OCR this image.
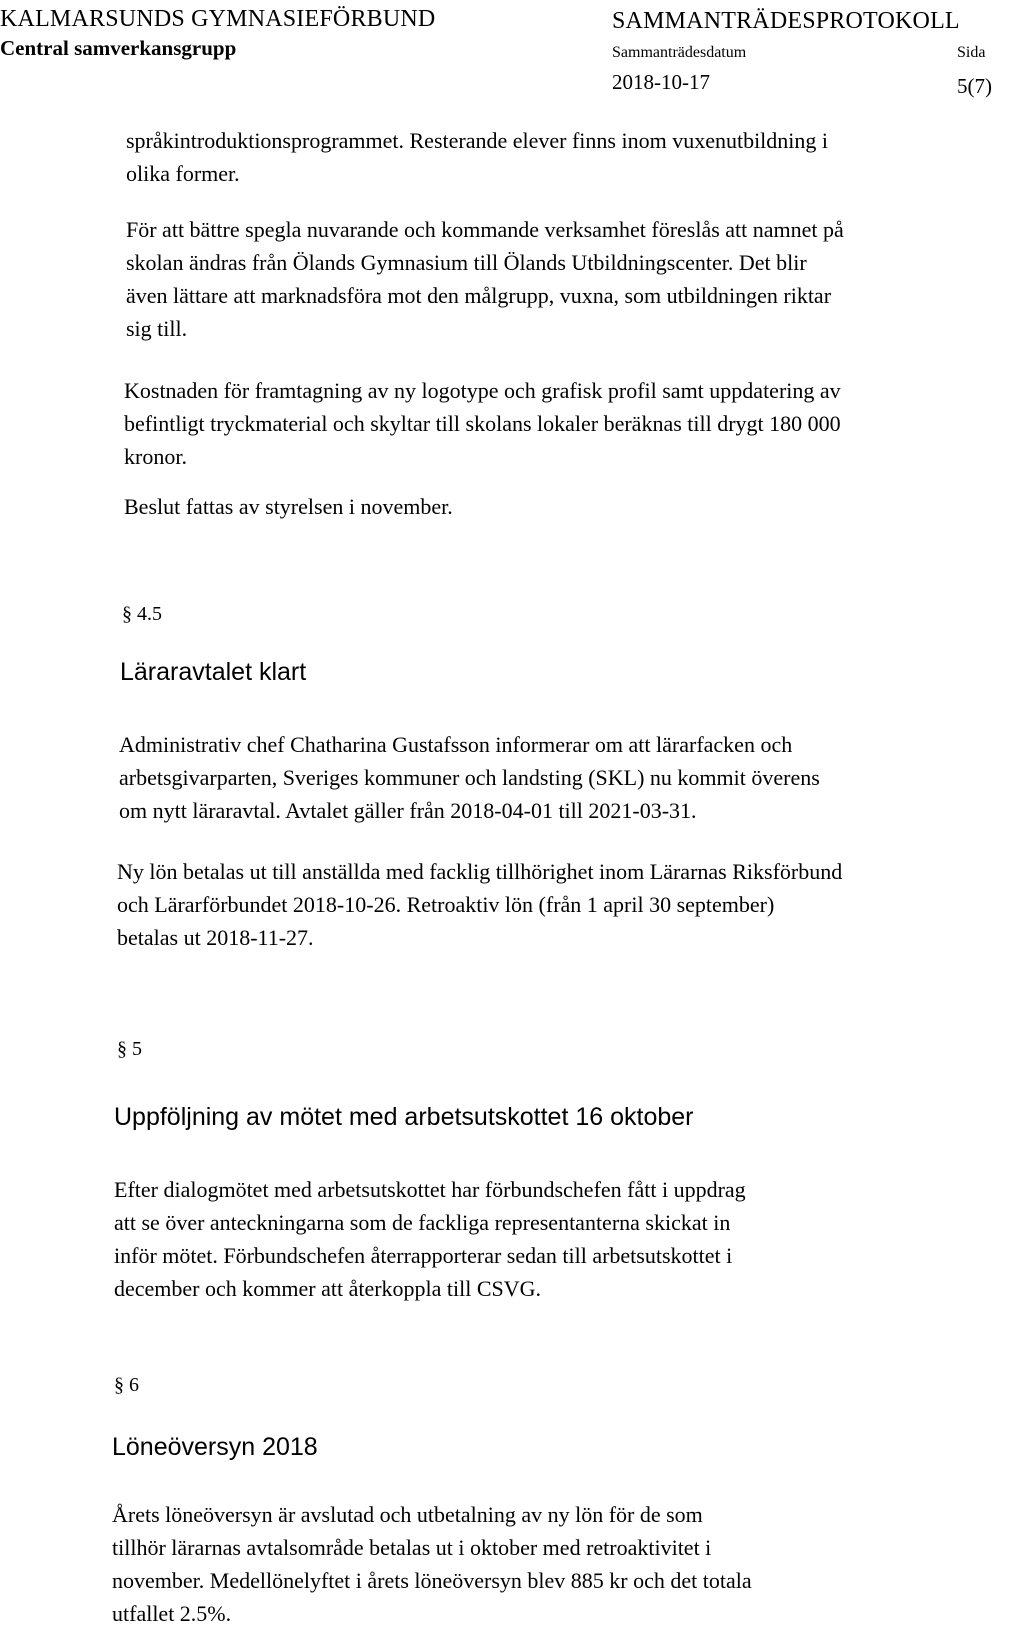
KALMARSUNDS GYMNASIEFÖRBUND
Central samverkansgrupp
SAMMANTRÄDESPROTOKOLL
Sammanträdesdatum	Sida
2018-10-17	5(7)
språkintroduktionsprogrammet. Resterande elever finns inom vuxenutbildning i
olika former.
För att bättre spegla nuvarande och kommande verksamhet föreslås att namnet på
skolan ändras från Ölands Gymnasium till Ölands Utbildningscenter. Det blir
även lättare att marknadsföra mot den målgrupp, vuxna, som utbildningen riktar
sig till.
Kostnaden för framtagning av ny logotype och grafisk profil samt uppdatering av
befintligt tryckmaterial och skyltar till skolans lokaler beräknas till drygt 180 000
kronor.
Beslut fattas av styrelsen i november.
§ 4.5
Läraravtalet klart
Administrativ chef Chatharina Gustafsson informerar om att lärarfacken och
arbetsgivarparten, Sveriges kommuner och landsting (SKL) nu kommit överens
om nytt läraravtal. Avtalet gäller från 2018-04-01 till 2021-03-31.
Ny lön betalas ut till anställda med facklig tillhörighet inom Lärarnas Riksförbund
och Lärarförbundet 2018-10-26. Retroaktiv lön (från 1 april 30 september)
betalas ut 2018-11-27.
§ 5
Uppföljning av mötet med arbetsutskottet 16 oktober
Efter dialogmötet med arbetsutskottet har förbundschefen fått i uppdrag
att se över anteckningarna som de fackliga representanterna skickat in
inför mötet. Förbundschefen återrapporterar sedan till arbetsutskottet i
december och kommer att återkoppla till CSVG.
§ 6
Löneöversyn 2018
Årets löneöversyn är avslutad och utbetalning av ny lön för de som
tillhör lärarnas avtalsområde betalas ut i oktober med retroaktivitet i
november. Medellönelyftet i årets löneöversyn blev 885 kr och det totala
utfallet 2.5%.
